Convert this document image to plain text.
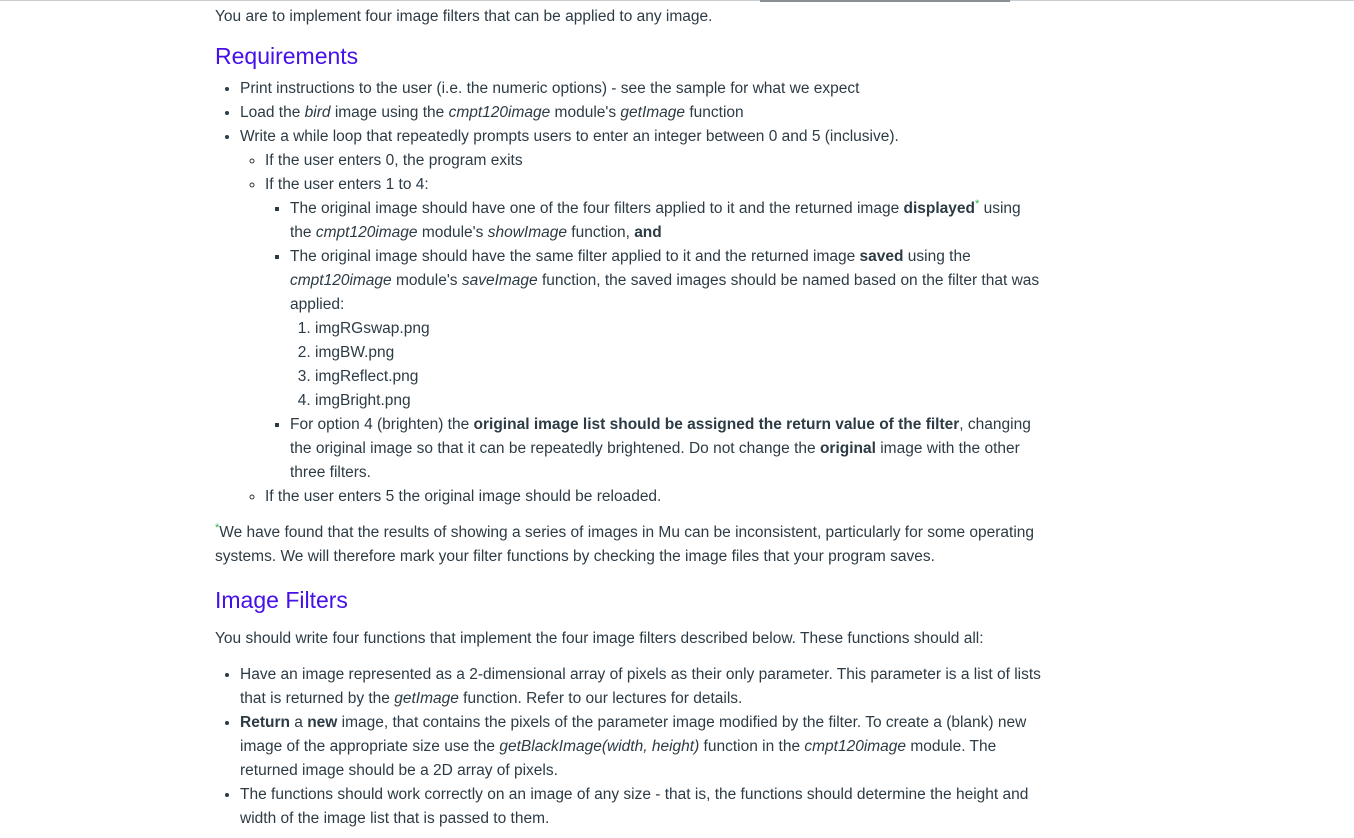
You are to implement four image filters that can be applied to any image.

Requirements
• Print instructions to the user (i.e. the numeric options) - see the sample for what we expect
• Load the bird image using the cmpt120image module's getImage function
• Write a while loop that repeatedly prompts users to enter an integer between 0 and 5 (inclusive).
◦ If the user enters 0, the program exits
◦ If the user enters 1 to 4:
▪ The original image should have one of the four filters applied to it and the returned image displayed* using the cmpt120image module's showImage function, and
▪ The original image should have the same filter applied to it and the returned image saved using the cmpt120image module's saveImage function, the saved images should be named based on the filter that was applied:
1. imgRGswap.png
2. imgBW.png
3. imgReflect.png
4. imgBright.png
▪ For option 4 (brighten) the original image list should be assigned the return value of the filter, changing the original image so that it can be repeatedly brightened. Do not change the original image with the other three filters.
◦ If the user enters 5 the original image should be reloaded.

*We have found that the results of showing a series of images in Mu can be inconsistent, particularly for some operating systems. We will therefore mark your filter functions by checking the image files that your program saves.

Image Filters

You should write four functions that implement the four image filters described below. These functions should all:

• Have an image represented as a 2-dimensional array of pixels as their only parameter. This parameter is a list of lists that is returned by the getImage function. Refer to our lectures for details.
• Return a new image, that contains the pixels of the parameter image modified by the filter. To create a (blank) new image of the appropriate size use the getBlackImage(width, height) function in the cmpt120image module. The returned image should be a 2D array of pixels.
• The functions should work correctly on an image of any size - that is, the functions should determine the height and width of the image list that is passed to them.
